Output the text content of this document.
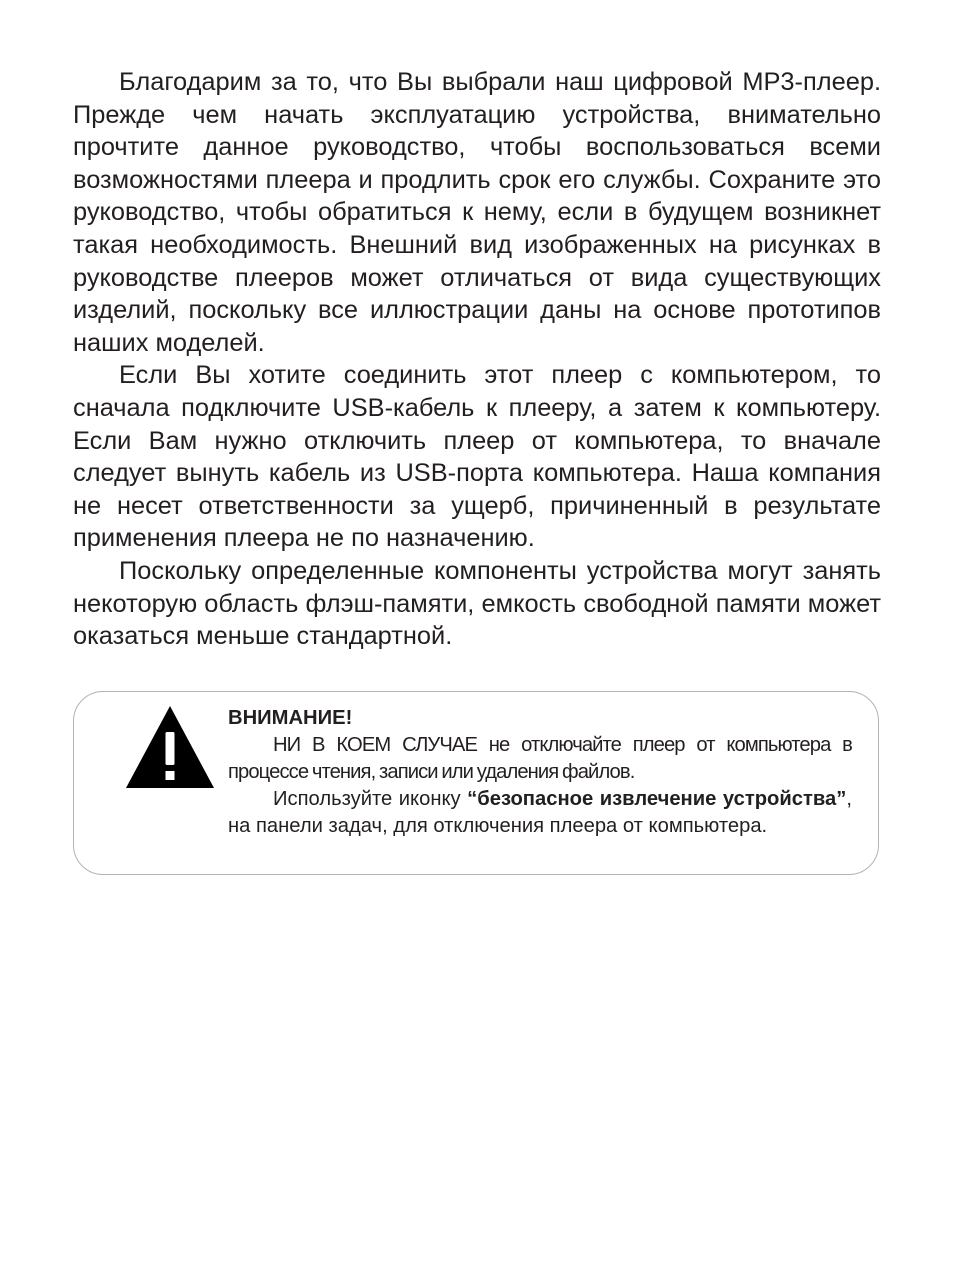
Благодарим за то, что Вы выбрали наш цифровой MP3-плеер. Прежде чем начать эксплуатацию устройства, внимательно прочтите данное руководство, чтобы воспользоваться всеми возможностями плеера и продлить срок его службы. Сохраните это руководство, чтобы обратиться к нему, если в будущем возникнет такая необходимость. Внешний вид изображенных на рисунках в руководстве плееров может отличаться от вида существующих изделий, поскольку все иллюстрации даны на основе прототипов наших моделей.

Если Вы хотите соединить этот плеер с компьютером, то сначала подключите USB-кабель к плееру, а затем к компьютеру. Если Вам нужно отключить плеер от компьютера, то вначале следует вынуть кабель из USB-порта компьютера. Наша компания не несет ответственности за ущерб, причиненный в результате применения плеера не по назначению.

Поскольку определенные компоненты устройства могут занять некоторую область флэш-памяти, емкость свободной памяти может оказаться меньше стандартной.

ВНИМАНИЕ!

НИ В КОЕМ СЛУЧАЕ не отключайте плеер от компьютера в процессе чтения, записи или удаления файлов.

Используйте иконку “безопасное извлечение устройства”, на панели задач, для отключения плеера от компьютера.
